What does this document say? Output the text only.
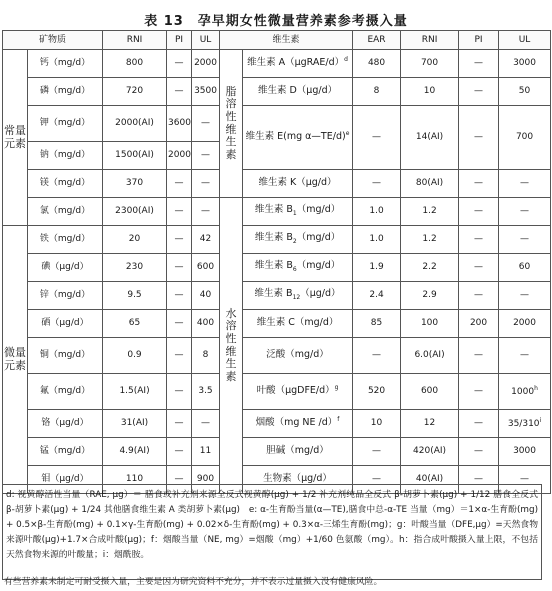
表 13　孕早期女性微量营养素参考摄入量
矿物质		RNI	PI	UL	维生素		EAR	RNI	PI	UL
常量元素	钙（mg/d）	800	—	2000	脂溶性维生素	维生素 A（μgRAE/d）$^d$	480	700	—	3000
	磷（mg/d）	720	—	3500		维生素 D（μg/d）	8	10	—	50
	钾（mg/d）	2000(AI)	3600	—		维生素 E(mg α—TE/d)$^e$	—	14(AI)	—	700
	钠（mg/d）	1500(AI)	2000	—						
	镁（mg/d）	370	—	—		维生素 K（μg/d）	—	80(AI)	—	—
	氯（mg/d）	2300(AI)	—	—	水溶性维生素	维生素 $B_1(mg/d)$	1.0	1.2	—	—
微量元素	铁（mg/d）	20	—	42		维生素 $B_2(mg/d)$	1.0	1.2	—	—
	碘（μg/d）	230	—	600		维生素 $B_6(mg/d)$	1.9	2.2	—	60
	锌（mg/d）	9.5	—	40		维生素 $B_{12}(\mu g/d)$	2.4	2.9	—	—
	硒（μg/d）	65	—	400		维生素 C（mg/d）	85	100	200	2000
	铜（mg/d）	0.9	—	8		泛酸（mg/d）	—	6.0(AI)	—	—
	氟（mg/d）	1.5(AI)	—	3.5		叶酸（μgDFE/d）$^g$	520	600	—	1000$^h$
	铬（μg/d）	31(AI)	—	—		烟酸（mg NE /d）$^f$	10	12	—	35/310$^i$
	锰（mg/d）	4.9(AI)	—	11		胆碱（mg/d）	—	420(AI)	—	3000
	钼（μg/d）	110	—	900		生物素（μg/d）	—	40(AI)	—	—
d: 视黄醇活性当量（RAE, μg）＝ 膳食或补充剂来源全反式视黄醇(μg) + 1/2 补充剂纯品全反式 β-胡萝卜素(μg) + 1/12 膳食全反式 β-胡萝卜素(μg) + 1/24 其他膳食维生素 A 类胡萝卜素(μg)　e: α-生育酚当量(α—TE),膳食中总-α-TE 当量（mg）＝1×α-生育酚(mg) + 0.5×β-生育酚(mg) + 0.1×γ-生育酚(mg) + 0.02×δ-生育酚(mg) + 0.3×α-三烯生育酚(mg)；g：叶酸当量（DFE,μg）=天然食物来源叶酸(μg)+1.7×合成叶酸(μg)；f：烟酸当量（NE, mg）=烟酸（mg）+1/60 色氨酸（mg）。h：指合成叶酸摄入量上限，不包括天然食物来源的叶酸量；i：烟酰胺。
有些营养素未制定可耐受摄入量，主要是因为研究资料不充分，并不表示过量摄入没有健康风险。
